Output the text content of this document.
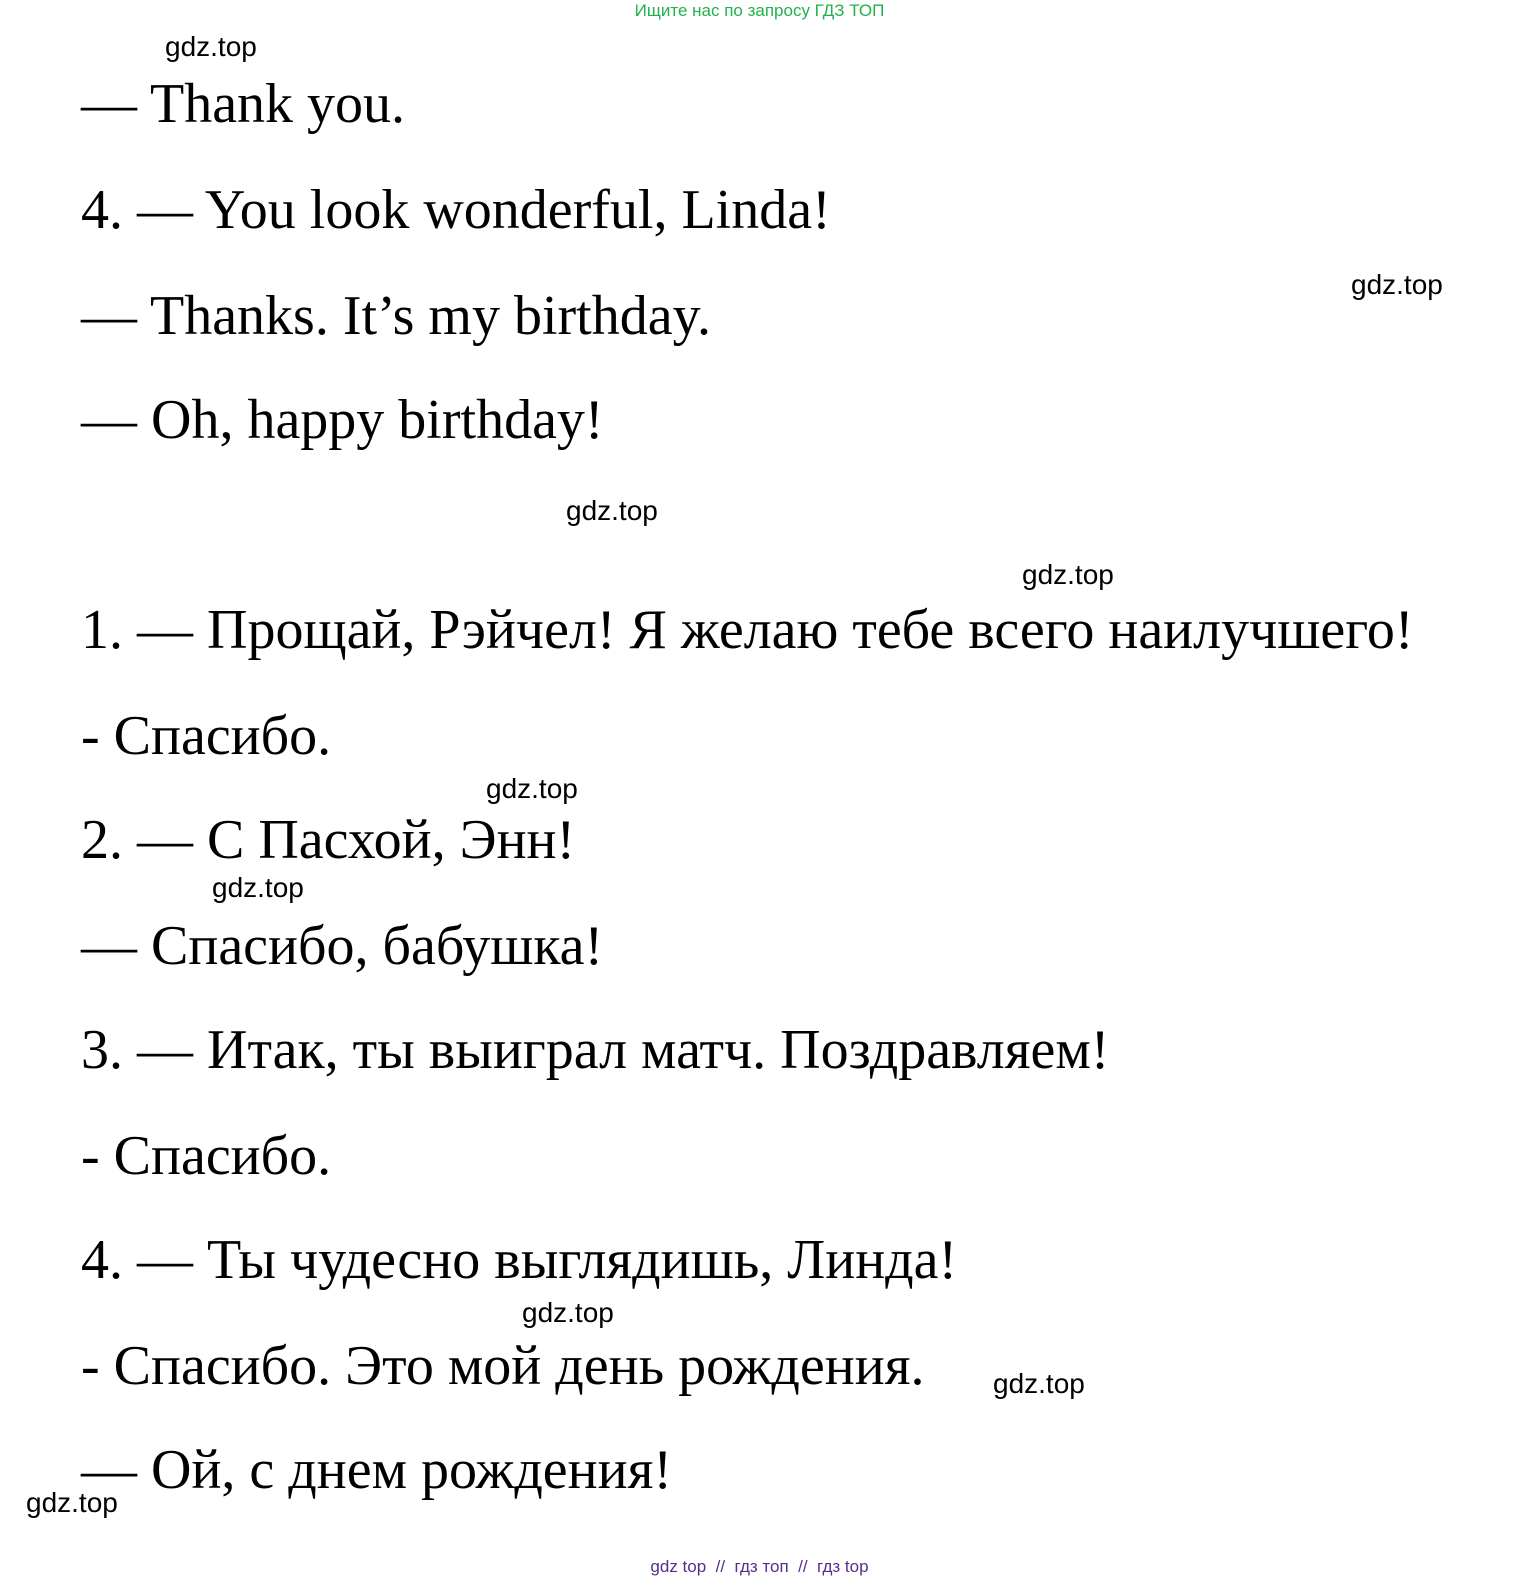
Ищите нас по запросу ГДЗ ТОП
gdz.top
gdz.top
gdz.top
gdz.top
gdz.top
gdz.top
gdz.top
gdz.top
gdz.top
— Thank you.
4. — You look wonderful, Linda!
— Thanks. It’s my birthday.
— Oh, happy birthday!
1. — Прощай, Рэйчел! Я желаю тебе всего наилучшего!
- Спасибо.
2. — С Пасхой, Энн!
— Спасибо, бабушка!
3. — Итак, ты выиграл матч. Поздравляем!
- Спасибо.
4. — Ты чудесно выглядишь, Линда!
- Спасибо. Это мой день рождения.
— Ой, с днем рождения!
gdz top // гдз топ // гдз top
